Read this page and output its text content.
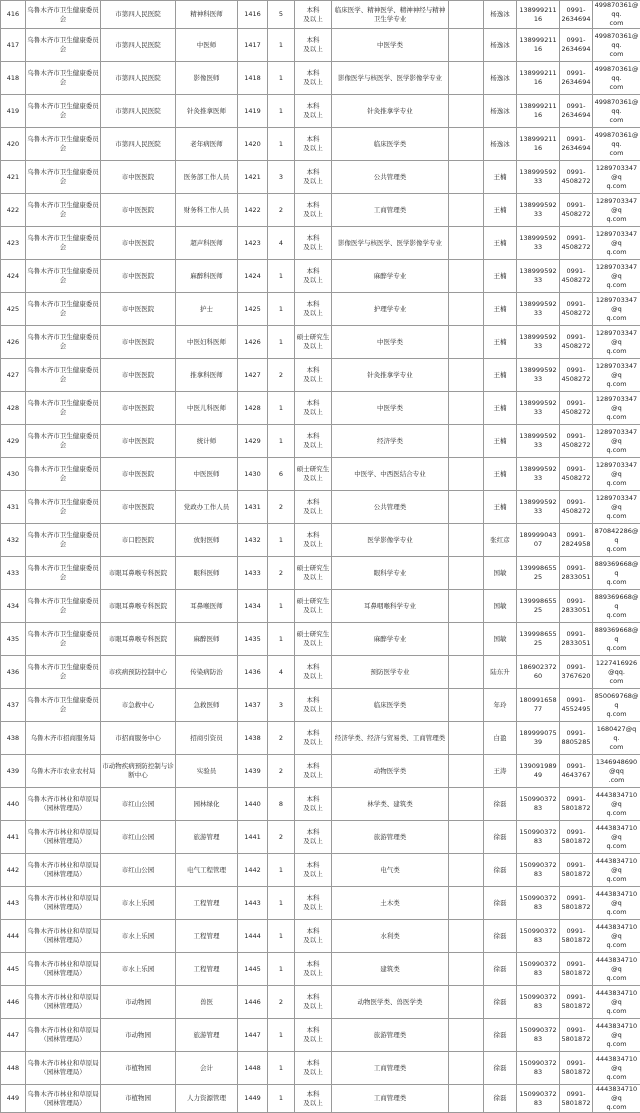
416	乌鲁木齐市卫生健康委员会	市第四人民医院	精神科医师	1416	5	本科
及以上	临床医学、精神医学、精神神经与精神卫生学专业		杨逸冰	13899921116	0991-
2634694	499870361@qq.
com
417	乌鲁木齐市卫生健康委员会	市第四人民医院	中医师	1417	1	本科
及以上	中医学类		杨逸冰	13899921116	0991-
2634694	499870361@qq.
com
418	乌鲁木齐市卫生健康委员会	市第四人民医院	影像医师	1418	1	本科
及以上	影像医学与核医学、医学影像学专业		杨逸冰	13899921116	0991-
2634694	499870361@qq.
com
419	乌鲁木齐市卫生健康委员会	市第四人民医院	针灸推拿医师	1419	1	本科
及以上	针灸推拿学专业		杨逸冰	13899921116	0991-
2634694	499870361@qq.
com
420	乌鲁木齐市卫生健康委员会	市第四人民医院	老年病医师	1420	1	本科
及以上	临床医学类		杨逸冰	13899921116	0991-
2634694	499870361@qq.
com
421	乌鲁木齐市卫生健康委员会	市中医医院	医务部工作人员	1421	3	本科
及以上	公共管理类		王楠	13899959233	0991-
4508272	1289703347@q
q.com
422	乌鲁木齐市卫生健康委员会	市中医医院	财务科工作人员	1422	2	本科
及以上	工商管理类		王楠	13899959233	0991-
4508272	1289703347@q
q.com
423	乌鲁木齐市卫生健康委员会	市中医医院	超声科医师	1423	4	本科
及以上	影像医学与核医学、医学影像学专业		王楠	13899959233	0991-
4508272	1289703347@q
q.com
424	乌鲁木齐市卫生健康委员会	市中医医院	麻醉科医师	1424	1	本科
及以上	麻醉学专业		王楠	13899959233	0991-
4508272	1289703347@q
q.com
425	乌鲁木齐市卫生健康委员会	市中医医院	护士	1425	1	本科
及以上	护理学专业		王楠	13899959233	0991-
4508272	1289703347@q
q.com
426	乌鲁木齐市卫生健康委员会	市中医医院	中医妇科医师	1426	1	硕士研究生
及以上	中医学类		王楠	13899959233	0991-
4508272	1289703347@q
q.com
427	乌鲁木齐市卫生健康委员会	市中医医院	推拿科医师	1427	2	本科
及以上	针灸推拿学专业		王楠	13899959233	0991-
4508272	1289703347@q
q.com
428	乌鲁木齐市卫生健康委员会	市中医医院	中医儿科医师	1428	1	本科
及以上	中医学类		王楠	13899959233	0991-
4508272	1289703347@q
q.com
429	乌鲁木齐市卫生健康委员会	市中医医院	统计师	1429	1	本科
及以上	经济学类		王楠	13899959233	0991-
4508272	1289703347@q
q.com
430	乌鲁木齐市卫生健康委员会	市中医医院	中医医师	1430	6	硕士研究生
及以上	中医学、中西医结合专业		王楠	13899959233	0991-
4508272	1289703347@q
q.com
431	乌鲁木齐市卫生健康委员会	市中医医院	党政办工作人员	1431	2	本科
及以上	公共管理类		王楠	13899959233	0991-
4508272	1289703347@q
q.com
432	乌鲁木齐市卫生健康委员会	市口腔医院	放射医师	1432	1	本科
及以上	医学影像学专业		张红彦	18999904307	0991-
2824958	870842286@q
q.com
433	乌鲁木齐市卫生健康委员会	市眼耳鼻喉专科医院	眼科医师	1433	2	硕士研究生
及以上	眼科学专业		国敏	13999865525	0991-
2833051	889369668@q
q.com
434	乌鲁木齐市卫生健康委员会	市眼耳鼻喉专科医院	耳鼻喉医师	1434	1	硕士研究生
及以上	耳鼻咽喉科学专业		国敏	13999865525	0991-
2833051	889369668@q
q.com
435	乌鲁木齐市卫生健康委员会	市眼耳鼻喉专科医院	麻醉医师	1435	1	硕士研究生
及以上	麻醉学专业		国敏	13999865525	0991-
2833051	889369668@q
q.com
436	乌鲁木齐市卫生健康委员会	市疾病预防控制中心	传染病防治	1436	4	本科
及以上	预防医学专业		陆东升	18690237260	0991-
3767620	1227416926@qq.
com
437	乌鲁木齐市卫生健康委员会	市急救中心	急救医师	1437	3	本科
及以上	临床医学类		年玲	18099165877	0991-
4552495	850069768@q
q.com
438	乌鲁木齐市招商服务局	市招商服务中心	招商引资员	1438	2	本科
及以上	经济学类、经济与贸易类、工商管理类		白盈	18999907539	0991-
8805285	1680427@qq.
com
439	乌鲁木齐市农业农村局	市动物疾病预防控制与诊断中心	实验员	1439	2	本科
及以上	动物医学类		王涛	13909198949	0991-
4643767	1346948690@qq
.com
440	乌鲁木齐市林业和草原局（园林管理局）	市红山公园	园林绿化	1440	8	本科
及以上	林学类、建筑类		徐磊	15099037283	0991-
5801872	4443834710@q
q.com
441	乌鲁木齐市林业和草原局（园林管理局）	市红山公园	旅游管理	1441	2	本科
及以上	旅游管理类		徐磊	15099037283	0991-
5801872	4443834710@q
q.com
442	乌鲁木齐市林业和草原局（园林管理局）	市红山公园	电气工程管理	1442	1	本科
及以上	电气类		徐磊	15099037283	0991-
5801872	4443834710@q
q.com
443	乌鲁木齐市林业和草原局（园林管理局）	市水上乐园	工程管理	1443	1	本科
及以上	土木类		徐磊	15099037283	0991-
5801872	4443834710@q
q.com
444	乌鲁木齐市林业和草原局（园林管理局）	市水上乐园	工程管理	1444	1	本科
及以上	水利类		徐磊	15099037283	0991-
5801872	4443834710@q
q.com
445	乌鲁木齐市林业和草原局（园林管理局）	市水上乐园	工程管理	1445	1	本科
及以上	建筑类		徐磊	15099037283	0991-
5801872	4443834710@q
q.com
446	乌鲁木齐市林业和草原局（园林管理局）	市动物园	兽医	1446	2	本科
及以上	动物医学类、兽医学类		徐磊	15099037283	0991-
5801872	4443834710@q
q.com
447	乌鲁木齐市林业和草原局（园林管理局）	市动物园	旅游管理	1447	1	本科
及以上	旅游管理类		徐磊	15099037283	0991-
5801872	4443834710@q
q.com
448	乌鲁木齐市林业和草原局（园林管理局）	市植物园	会计	1448	1	本科
及以上	工商管理类		徐磊	15099037283	0991-
5801872	4443834710@q
q.com
449	乌鲁木齐市林业和草原局（园林管理局）	市植物园	人力资源管理	1449	1	本科
及以上	工商管理类		徐磊	15099037283	0991-
5801872	4443834710@q
q.com
